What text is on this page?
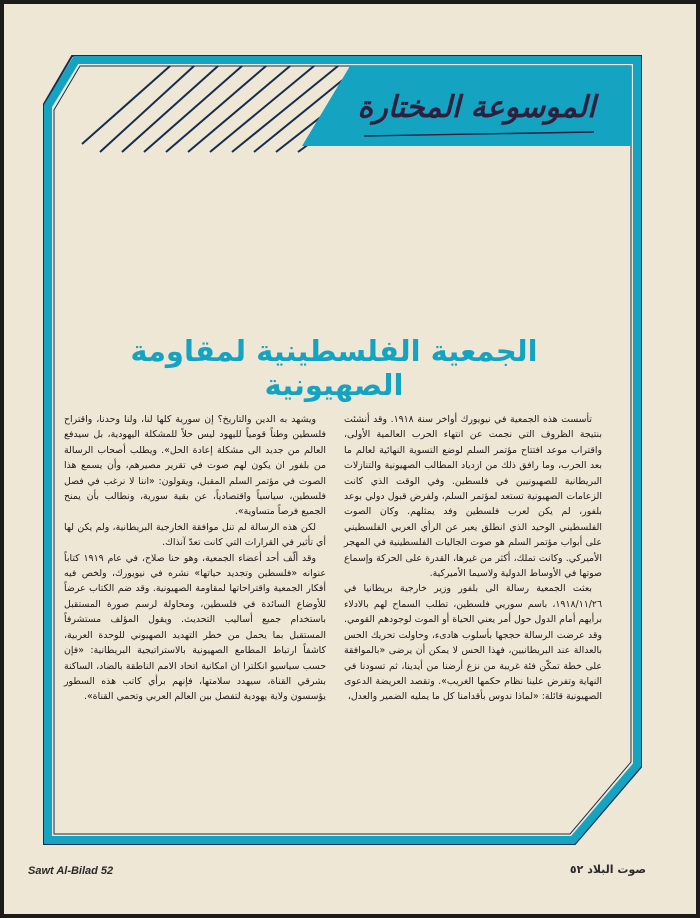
الموسوعة المختارة
الجمعية الفلسطينية لمقاومة الصهيونية

تأسست هذه الجمعية في نيويورك أواخر سنة ١٩١٨. وقد أنشئت بنتيجة الظروف التي نجمت عن انتهاء الحرب العالمية الأولى، واقتراب موعد افتتاح مؤتمر السلم لوضع التسوية النهائية لعالم ما بعد الحرب، وما رافق ذلك من ازدياد المطالب الصهيونية والتنازلات البريطانية للصهيونيين في فلسطين. وفي الوقت الذي كانت الزعامات الصهيونية تستعد لمؤتمر السلم، ولفرض قبول دولي بوعد بلفور، لم يكن لعرب فلسطين وفد يمثلهم. وكان الصوت الفلسطيني الوحيد الذي انطلق يعبر عن الرأي العربي الفلسطيني على أبواب مؤتمر السلم هو صوت الجاليات الفلسطينية في المهجر الأميركي. وكانت تملك، أكثر من غيرها، القدرة على الحركة وإسماع صوتها في الأوساط الدولية ولاسيما الأميركية.

بعثت الجمعية رسالة الى بلفور وزير خارجية بريطانيا في ١٩١٨/١١/٢٦، باسم سوريي فلسطين، تطلب السماح لهم بالادلاء برأيهم أمام الدول حول أمر يعني الحياة أو الموت لوجودهم القومي. وقد عرضت الرسالة حججها بأسلوب هادىء، وحاولت تحريك الحس بالعدالة عند البريطانيين، فهذا الحس لا يمكن أن يرضى «بالموافقة على خطة تمكّن فئة غريبة من نزع أرضنا من أيدينا، ثم تسودنا في النهاية وتفرض علينا نظام حكمها الغريب». وتقصد العريضة الدعوى الصهيونية قائلة: «لماذا ندوس بأقدامنا كل ما يمليه الضمير والعدل،

ويشهد به الدين والتاريخ؟ إن سورية كلها لنا، ولنا وحدنا، واقتراح فلسطين وطناً قومياً لليهود ليس حلاً للمشكلة اليهودية، بل سيدفع العالم من جديد الى مشكلة إعادة الحل». ويطلب أصحاب الرسالة من بلفور ان يكون لهم صوت في تقرير مصيرهم، وأن يسمع هذا الصوت في مؤتمر السلم المقبل، ويقولون: «اننا لا نرغب في فصل فلسطين، سياسياً واقتصادياً، عن بقية سورية، ونطالب بأن يمنح الجميع فرصاً متساوية».

لكن هذه الرسالة لم تنل موافقة الخارجية البريطانية، ولم يكن لها أي تأثير في القرارات التي كانت تعدّ آنذاك.

وقد ألّف أحد أعضاء الجمعية، وهو حنا صلاح، في عام ١٩١٩ كتاباً عنوانه «فلسطين وتجديد حياتها» نشره في نيويورك، ولخص فيه أفكار الجمعية واقتراحاتها لمقاومة الصهيونية. وقد ضم الكتاب عرضاً للأوضاع السائدة في فلسطين، ومحاولة لرسم صورة المستقبل باستخدام جميع أساليب التحديث. ويقول المؤلف مستشرفاً المستقبل بما يحمل من خطر التهديد الصهيوني للوحدة العربية، كاشفاً ارتباط المطامع الصهيونية بالاستراتيجية البريطانية: «فإن حسب سياسيو انكلترا ان امكانية اتحاد الامم الناطقة بالضاد، الساكنة بشرقي القناة، سيهدد سلامتها، فإنهم برأي كاتب هذه السطور يؤسسون ولاية يهودية لتفصل بين العالم العربي وتحمي القناة».

Sawt Al-Bilad 52	صوت البلاد ٥٢
